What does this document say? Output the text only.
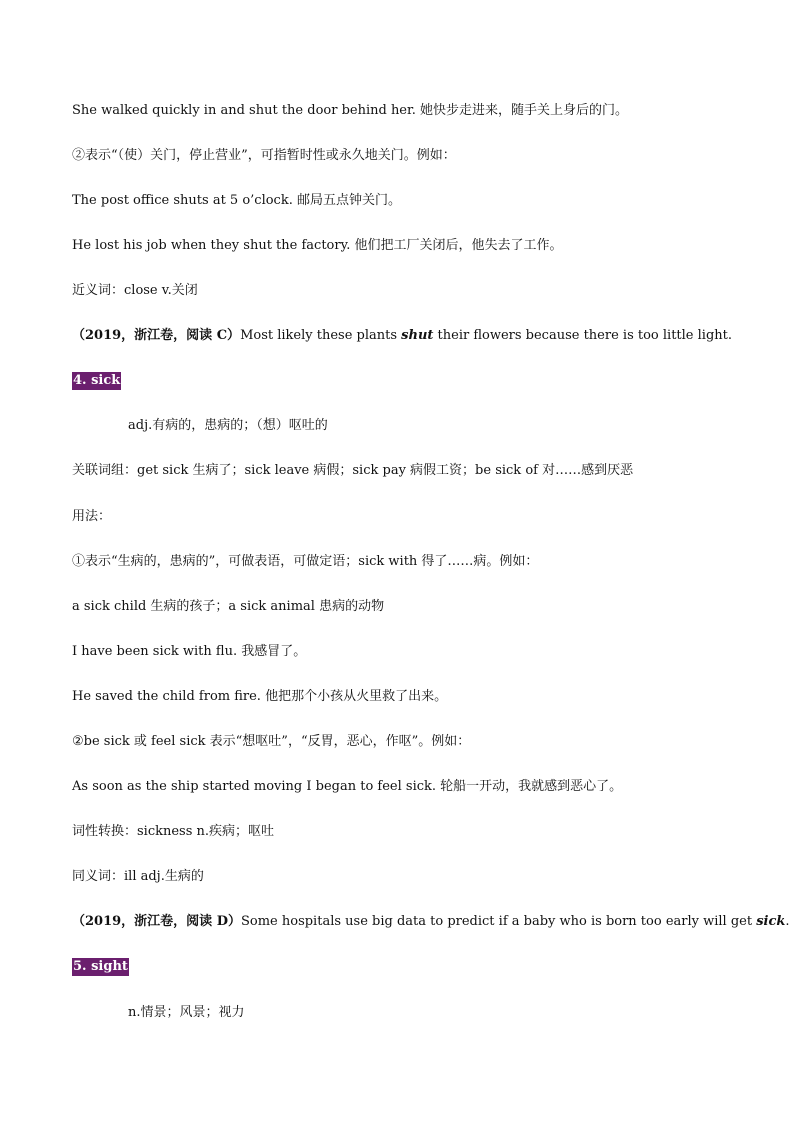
She walked quickly in and shut the door behind her. 她快步走进来，随手关上身后的门。
②表示“（使）关门，停止营业”，可指暂时性或永久地关门。例如：
The post office shuts at 5 o’clock. 邮局五点钟关门。
He lost his job when they shut the factory. 他们把工厂关闭后，他失去了工作。
近义词：close v.关闭
（2019，浙江卷，阅读 C）Most likely these plants shut their flowers because there is too little light.
4. sick
adj.有病的，患病的；（想）呕吐的
关联词组：get sick 生病了；sick leave 病假；sick pay 病假工资；be sick of 对……感到厌恶
用法：
①表示“生病的，患病的”，可做表语，可做定语；sick with 得了……病。例如：
a sick child 生病的孩子；a sick animal 患病的动物
I have been sick with flu. 我感冒了。
He saved the child from fire. 他把那个小孩从火里救了出来。
②be sick 或 feel sick 表示“想呕吐”，“反胃，恶心，作呕”。例如：
As soon as the ship started moving I began to feel sick. 轮船一开动，我就感到恶心了。
词性转换：sickness n.疾病；呕吐
同义词：ill adj.生病的
（2019，浙江卷，阅读 D）Some hospitals use big data to predict if a baby who is born too early will get sick.
5. sight
n.情景；风景；视力
